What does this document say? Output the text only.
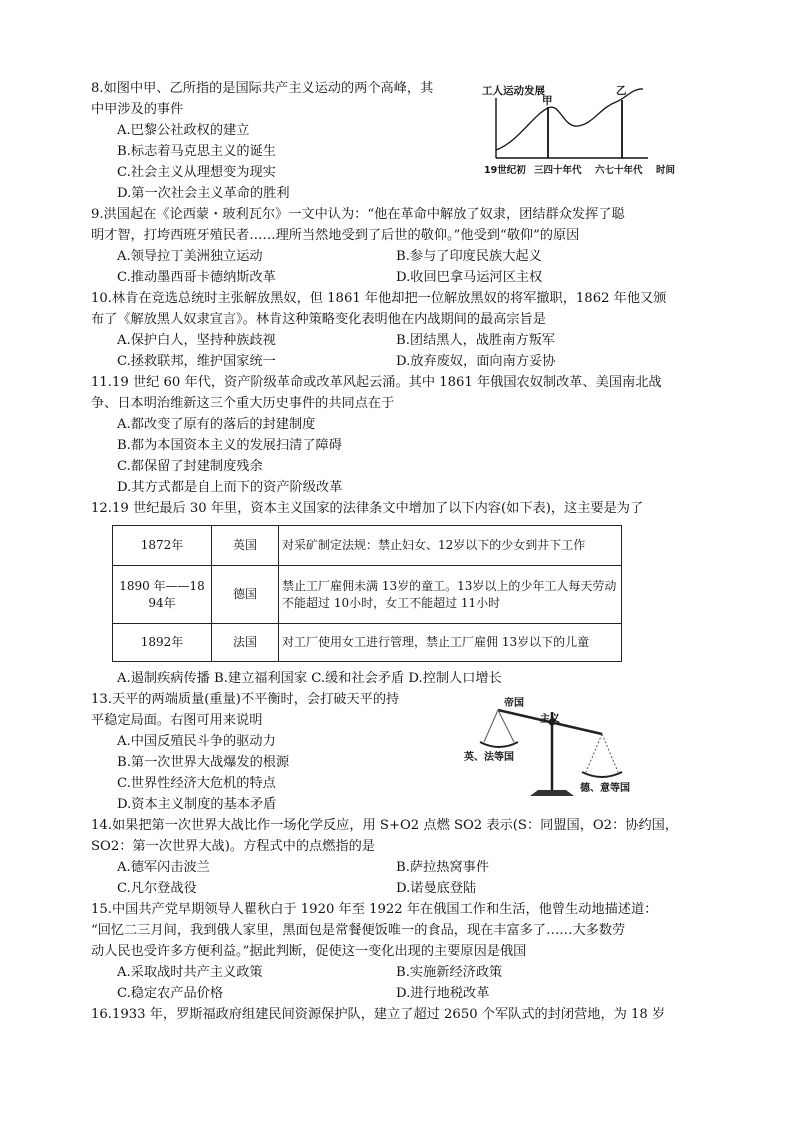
8.如图中甲、乙所指的是国际共产主义运动的两个高峰，其
中甲涉及的事件
A.巴黎公社政权的建立
B.标志着马克思主义的诞生
C.社会主义从理想变为现实
D.第一次社会主义革命的胜利
工人运动发展
甲
乙
19世纪初 三四十年代 六七十年代 时间
9.洪国起在《论西蒙・玻利瓦尔》一文中认为：“他在革命中解放了奴隶，团结群众发挥了聪
明才智，打垮西班牙殖民者……理所当然地受到了后世的敬仰。”他受到“敬仰”的原因
A.领导拉丁美洲独立运动	B.参与了印度民族大起义
C.推动墨西哥卡德纳斯改革	D.收回巴拿马运河区主权
10.林肯在竞选总统时主张解放黑奴，但 1861 年他却把一位解放黑奴的将军撤职，1862 年他又颁
布了《解放黑人奴隶宣言》。林肯这种策略变化表明他在内战期间的最高宗旨是
A.保护白人，坚持种族歧视	B.团结黑人，战胜南方叛军
C.拯救联邦，维护国家统一	D.放弃废奴，面向南方妥协
11.19 世纪 60 年代，资产阶级革命或改革风起云涌。其中 1861 年俄国农奴制改革、美国南北战
争、日本明治维新这三个重大历史事件的共同点在于
A.都改变了原有的落后的封建制度
B.都为本国资本主义的发展扫清了障碍
C.都保留了封建制度残余
D.其方式都是自上而下的资产阶级改革
12.19 世纪最后 30 年里，资本主义国家的法律条文中增加了以下内容(如下表)，这主要是为了
1872年	英国	对采矿制定法规：禁止妇女、12岁以下的少女到井下工作
1890 年——1894年	德国	禁止工厂雇佣未满 13岁的童工。13岁以上的少年工人每天劳动不能超过 10小时，女工不能超过 11小时
1892年	法国	对工厂使用女工进行管理，禁止工厂雇佣 13岁以下的儿童
A.遏制疾病传播 B.建立福利国家 C.缓和社会矛盾 D.控制人口增长
13.天平的两端质量(重量)不平衡时，会打破天平的持
平稳定局面。右图可用来说明
A.中国反殖民斗争的驱动力
B.第一次世界大战爆发的根源
C.世界性经济大危机的特点
D.资本主义制度的基本矛盾
帝国
主义
英、法等国
德、意等国
14.如果把第一次世界大战比作一场化学反应，用 S+O2 点燃 SO2 表示(S：同盟国，O2：协约国，
SO2：第一次世界大战)。方程式中的点燃指的是
A.德军闪击波兰	B.萨拉热窝事件
C.凡尔登战役	D.诺曼底登陆
15.中国共产党早期领导人瞿秋白于 1920 年至 1922 年在俄国工作和生活，他曾生动地描述道：
“回忆二三月间，我到俄人家里，黑面包是常餐便饭唯一的食品，现在丰富多了……大多数劳
动人民也受许多方便利益。”据此判断，促使这一变化出现的主要原因是俄国
A.采取战时共产主义政策	B.实施新经济政策
C.稳定农产品价格	D.进行地税改革
16.1933 年，罗斯福政府组建民间资源保护队，建立了超过 2650 个军队式的封闭营地，为 18 岁
